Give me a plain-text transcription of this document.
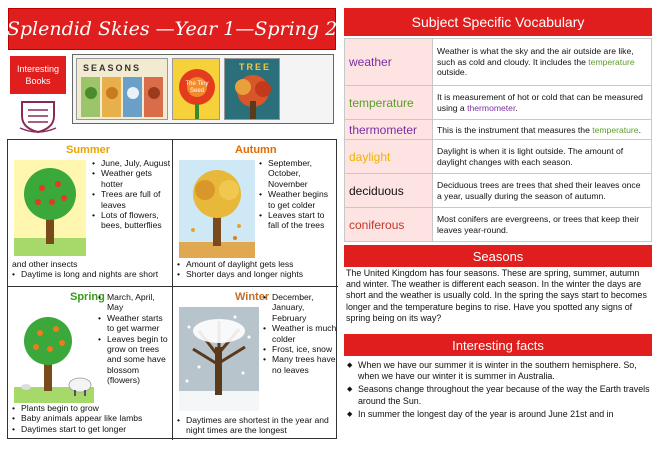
Splendid Skies —Year 1—Spring 2
Interesting Books
SEASONS
The Tiny Seed
TREE
Summer
• June, July, August
• Weather gets hotter
• Trees are full of leaves
• Lots of flowers, bees, butterflies
and other insects
• Daytime is long and nights are short
Autumn
• September, October, November
• Weather begins to get colder
• Leaves start to fall of the trees
• Amount of daylight gets less
• Shorter days and longer nights
Spring • March, April, May
• Weather starts to get warmer
• Leaves begin to grow on trees and some have blossom (flowers)
• Plants begin to grow
• Baby animals appear like lambs
• Daytimes start to get longer
Winter • December, January, February
• Weather is much colder
• Frost, ice, snow
• Many trees have no leaves
• Daytimes are shortest in the year and night times are the longest
Subject Specific Vocabulary
weather	Weather is what the sky and the air outside are like, such as cold and cloudy. It includes the temperature outside.
temperature	It is measurement of hot or cold that can be measured using a thermometer.
thermometer	This is the instrument that measures the temperature.
daylight	Daylight is when it is light outside. The amount of daylight changes with each season.
deciduous	Deciduous trees are trees that shed their leaves once a year, usually during the season of autumn.
coniferous	Most conifers are evergreens, or trees that keep their leaves year-round.
Seasons
The United Kingdom has four seasons. These are spring, summer, autumn and winter. The weather is different each season. In the winter the days are short and the weather is usually cold. In the spring the says start to becomes longer and the temperature begins to rise. Have you spotted any signs of spring being on its way?
Interesting facts
◆ When we have our summer it is winter in the southern hemisphere. So, when we have our winter it is summer in Australia.
◆ Seasons change throughout the year because of the way the Earth travels around the Sun.
◆ In summer the longest day of the year is around June 21st and in
